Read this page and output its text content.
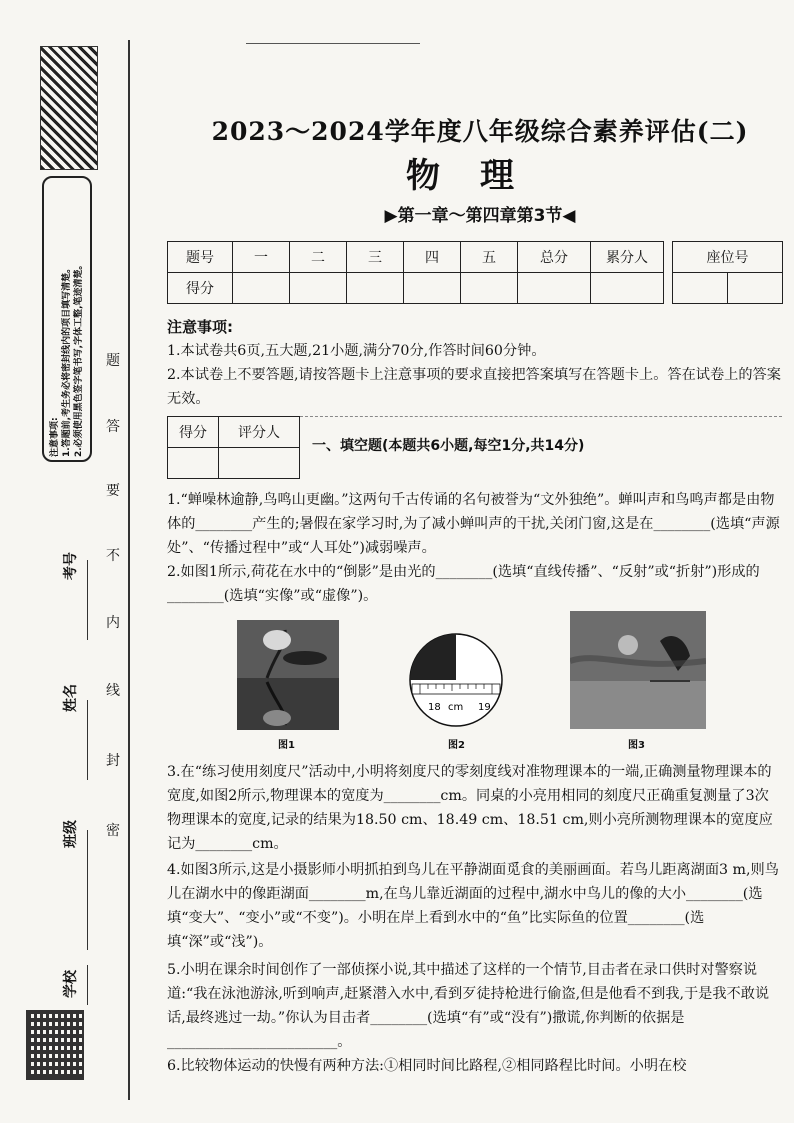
注意事项: 1.答题前,考生务必将密封线内的项目填写清楚。 2.必须使用黑色签字笔书写,字体工整,笔迹清楚。
考号
姓名
班级
学校
密
封
线
内
不
要
答
题
2023～2024学年度八年级综合素养评估(二)
物理
▶第一章～第四章第3节◀
题号	一	二	三	四	五	总分	累分人
得分							
座位号

注意事项:
1.本试卷共6页,五大题,21小题,满分70分,作答时间60分钟。
2.本试卷上不要答题,请按答题卡上注意事项的要求直接把答案填写在答题卡上。答在试卷上的答案无效。
得分	评分人

一、填空题(本题共6小题,每空1分,共14分)
1.“蝉噪林逾静,鸟鸣山更幽。”这两句千古传诵的名句被誉为“文外独绝”。蝉叫声和鸟鸣声都是由物体的________产生的;暑假在家学习时,为了减小蝉叫声的干扰,关闭门窗,这是在________(选填“声源处”、“传播过程中”或“人耳处”)减弱噪声。
2.如图1所示,荷花在水中的“倒影”是由光的________(选填“直线传播”、“反射”或“折射”)形成的________(选填“实像”或“虚像”)。
图1
18 cm 19
图2	图3
3.在“练习使用刻度尺”活动中,小明将刻度尺的零刻度线对准物理课本的一端,正确测量物理课本的宽度,如图2所示,物理课本的宽度为________cm。同桌的小亮用相同的刻度尺正确重复测量了3次物理课本的宽度,记录的结果为18.50 cm、18.49 cm、18.51 cm,则小亮所测物理课本的宽度应记为________cm。
4.如图3所示,这是小摄影师小明抓拍到鸟儿在平静湖面觅食的美丽画面。若鸟儿距离湖面3 m,则鸟儿在湖水中的像距湖面________m,在鸟儿靠近湖面的过程中,湖水中鸟儿的像的大小________(选填“变大”、“变小”或“不变”)。小明在岸上看到水中的“鱼”比实际鱼的位置________(选填“深”或“浅”)。
5.小明在课余时间创作了一部侦探小说,其中描述了这样的一个情节,目击者在录口供时对警察说道:“我在泳池游泳,听到响声,赶紧潜入水中,看到歹徒持枪进行偷盗,但是他看不到我,于是我不敢说话,最终逃过一劫。”你认为目击者________(选填“有”或“没有”)撒谎,你判断的依据是________________________。
6.比较物体运动的快慢有两种方法:①相同时间比路程,②相同路程比时间。小明在校
